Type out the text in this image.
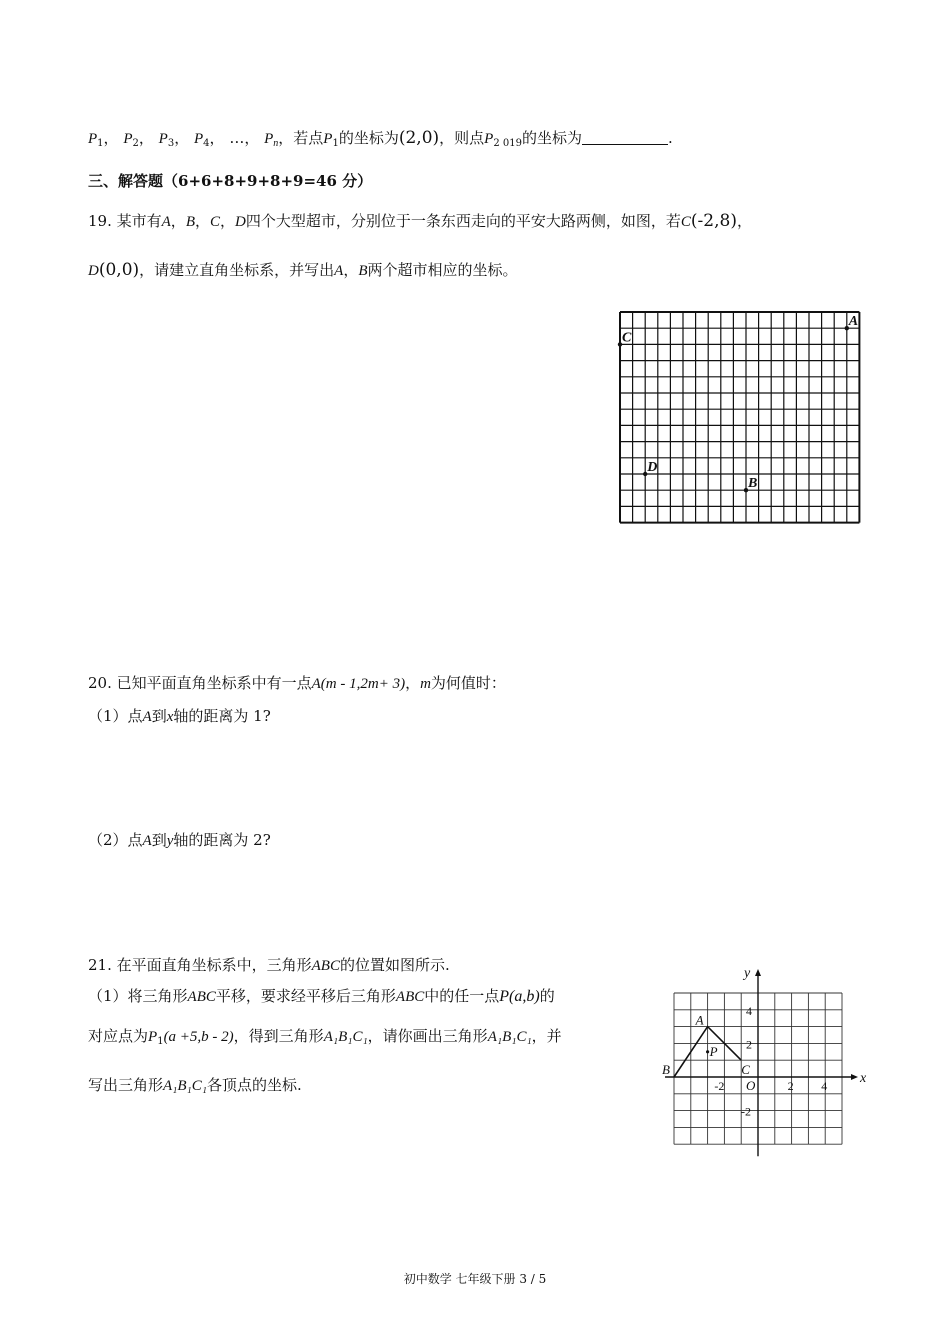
$P_1$， $P_2$， $P_3$， $P_4$， …， $P_n$，若点$P_1$的坐标为(2,0)，则点$P_{2 019}$的坐标为	.
三、解答题（6+6+8+9+8+9=46 分）
19. 某市有A，B，C，D四个大型超市，分别位于一条东西走向的平安大路两侧，如图，若C(-2,8)，
D(0,0)，请建立直角坐标系，并写出A，B两个超市相应的坐标。
A
C
D
B
20. 已知平面直角坐标系中有一点A(m - 1,2m+ 3)，m为何值时：
（1）点A到x轴的距离为 1?
（2）点A到y轴的距离为 2?
21. 在平面直角坐标系中，三角形ABC的位置如图所示.
（1）将三角形ABC平移，要求经平移后三角形ABC中的任一点P(a,b)的
对应点为$P_1(a +5,b - 2)$，得到三角形A₁B₁C₁，请你画出三角形A₁B₁C₁，并
写出三角形A₁B₁C₁各顶点的坐标.	x
y
O
4
2
-2	2 4
-2
A
B	C
P
初中数学 七年级下册 3 / 5
